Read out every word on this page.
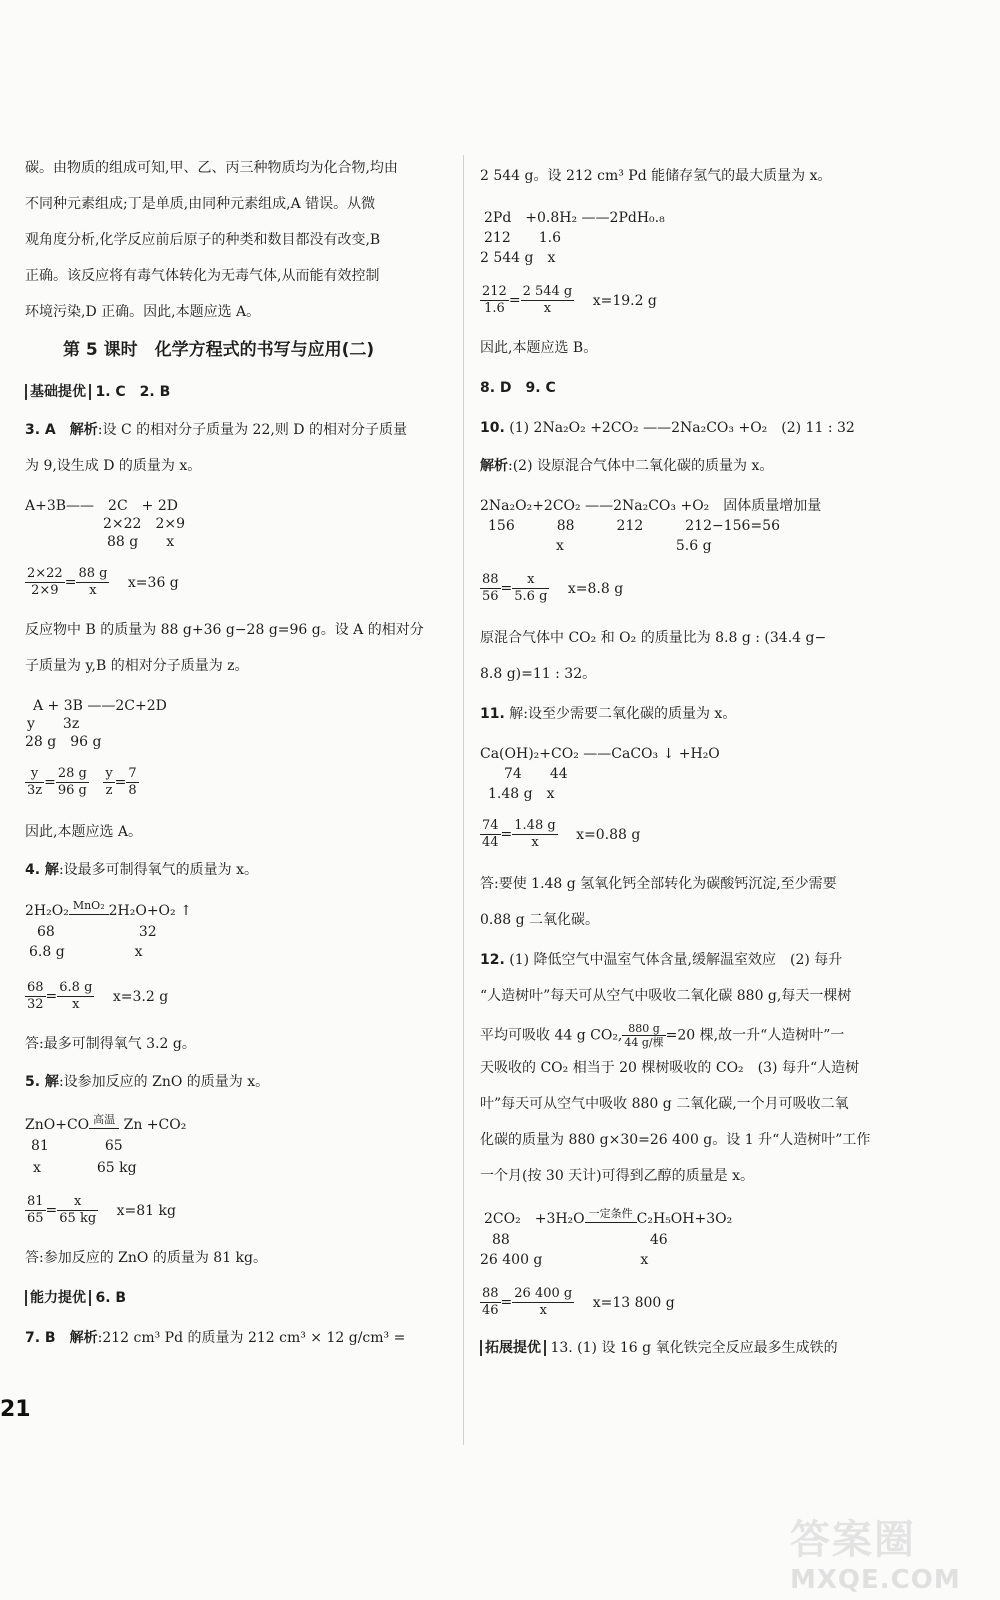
碳。由物质的组成可知,甲、乙、丙三种物质均为化合物,均由
不同种元素组成;丁是单质,由同种元素组成,A 错误。从微
观角度分析,化学反应前后原子的种类和数目都没有改变,B
正确。该反应将有毒气体转化为无毒气体,从而能有效控制
环境污染,D 正确。因此,本题应选 A。
第 5 课时　化学方程式的书写与应用(二)
基础提优 1. C　2. B
3. A　解析:设 C 的相对分子质量为 22,则 D 的相对分子质量
为 9,设生成 D 的质量为 x。
A+3B——　2C　+ 2D
2×22　2×9
88 g　　x
$\frac{2\times 22}{2\times 9} = \frac{88 g}{x} x=36$ g
反应物中 B 的质量为 88 g+36 g−28 g=96 g。设 A 的相对分
子质量为 y,B 的相对分子质量为 z。
A + 3B ——2C+2D
y　　3z
28 g　96 g
$\frac{y}{3z} = \frac{28 g}{96 g}$
$\frac{y}{z} = \frac{7}{8}$
因此,本题应选 A。
4. 解:设最多可制得氧气的质量为 x。
2H₂O₂ MnO₂ 2H₂O+O₂ ↑
68　　　　　　32
6.8 g　　　　　x
$\frac{68}{32} = \frac{6.8 g}{x} x=3.2$ g
答:最多可制得氧气 3.2 g。
5. 解:设参加反应的 ZnO 的质量为 x。
ZnO+CO 高温 Zn +CO₂
81　　　　65
x　　　　65 kg
$\frac{81}{65} = \frac{x}{65 kg} x=81$ kg
答:参加反应的 ZnO 的质量为 81 kg。
能力提优 6. B
7. B　解析:212 cm³ Pd 的质量为 212 cm³ × 12 g/cm³ =
2 544 g。设 212 cm³ Pd 能储存氢气的最大质量为 x。
2Pd　+0.8H₂ ——2PdH₀.₈
212　　1.6
2 544 g　x
$\frac{212}{1.6} = \frac{2 544 g}{x} x=19.2$ g
因此,本题应选 B。
8. D　9. C
10. (1) 2Na₂O₂ +2CO₂ ——2Na₂CO₃ +O₂　(2) 11 : 32
解析:(2) 设原混合气体中二氧化碳的质量为 x。
2Na₂O₂+2CO₂ ——2Na₂CO₃ +O₂　固体质量增加量
156　　　88　　　212　　　212−156=56
x　　　　　　　　5.6 g
$\frac{88}{56} = \frac{x}{5.6 g} x=8.8$ g
原混合气体中 CO₂ 和 O₂ 的质量比为 8.8 g : (34.4 g−
8.8 g)=11 : 32。
11. 解:设至少需要二氧化碳的质量为 x。
Ca(OH)₂+CO₂ ——CaCO₃ ↓ +H₂O
74　　44
1.48 g　x
$\frac{74}{44} = \frac{1.48 g}{x} x=0.88$ g
答:要使 1.48 g 氢氧化钙全部转化为碳酸钙沉淀,至少需要
0.88 g 二氧化碳。
12. (1) 降低空气中温室气体含量,缓解温室效应　(2) 每升
“人造树叶”每天可从空气中吸收二氧化碳 880 g,每天一棵树
平均可吸收 44 g CO₂, 880 g
44 g/棵 =20 棵,故一升“人造树叶”一
天吸收的 CO₂ 相当于 20 棵树吸收的 CO₂　(3) 每升“人造树
叶”每天可从空气中吸收 880 g 二氧化碳,一个月可吸收二氧
化碳的质量为 880 g×30=26 400 g。设 1 升“人造树叶”工作
一个月(按 30 天计)可得到乙醇的质量是 x。
2CO₂　+3H₂O 一定条件 C₂H₅OH+3O₂
88　　　　　　　　　　46
26 400 g　　　　　　　x
$\frac{88}{46} = \frac{26 400 g}{x} x=13$ 800 g
拓展提优 13. (1) 设 16 g 氧化铁完全反应最多生成铁的
21
答案圈
MXQE.COM
